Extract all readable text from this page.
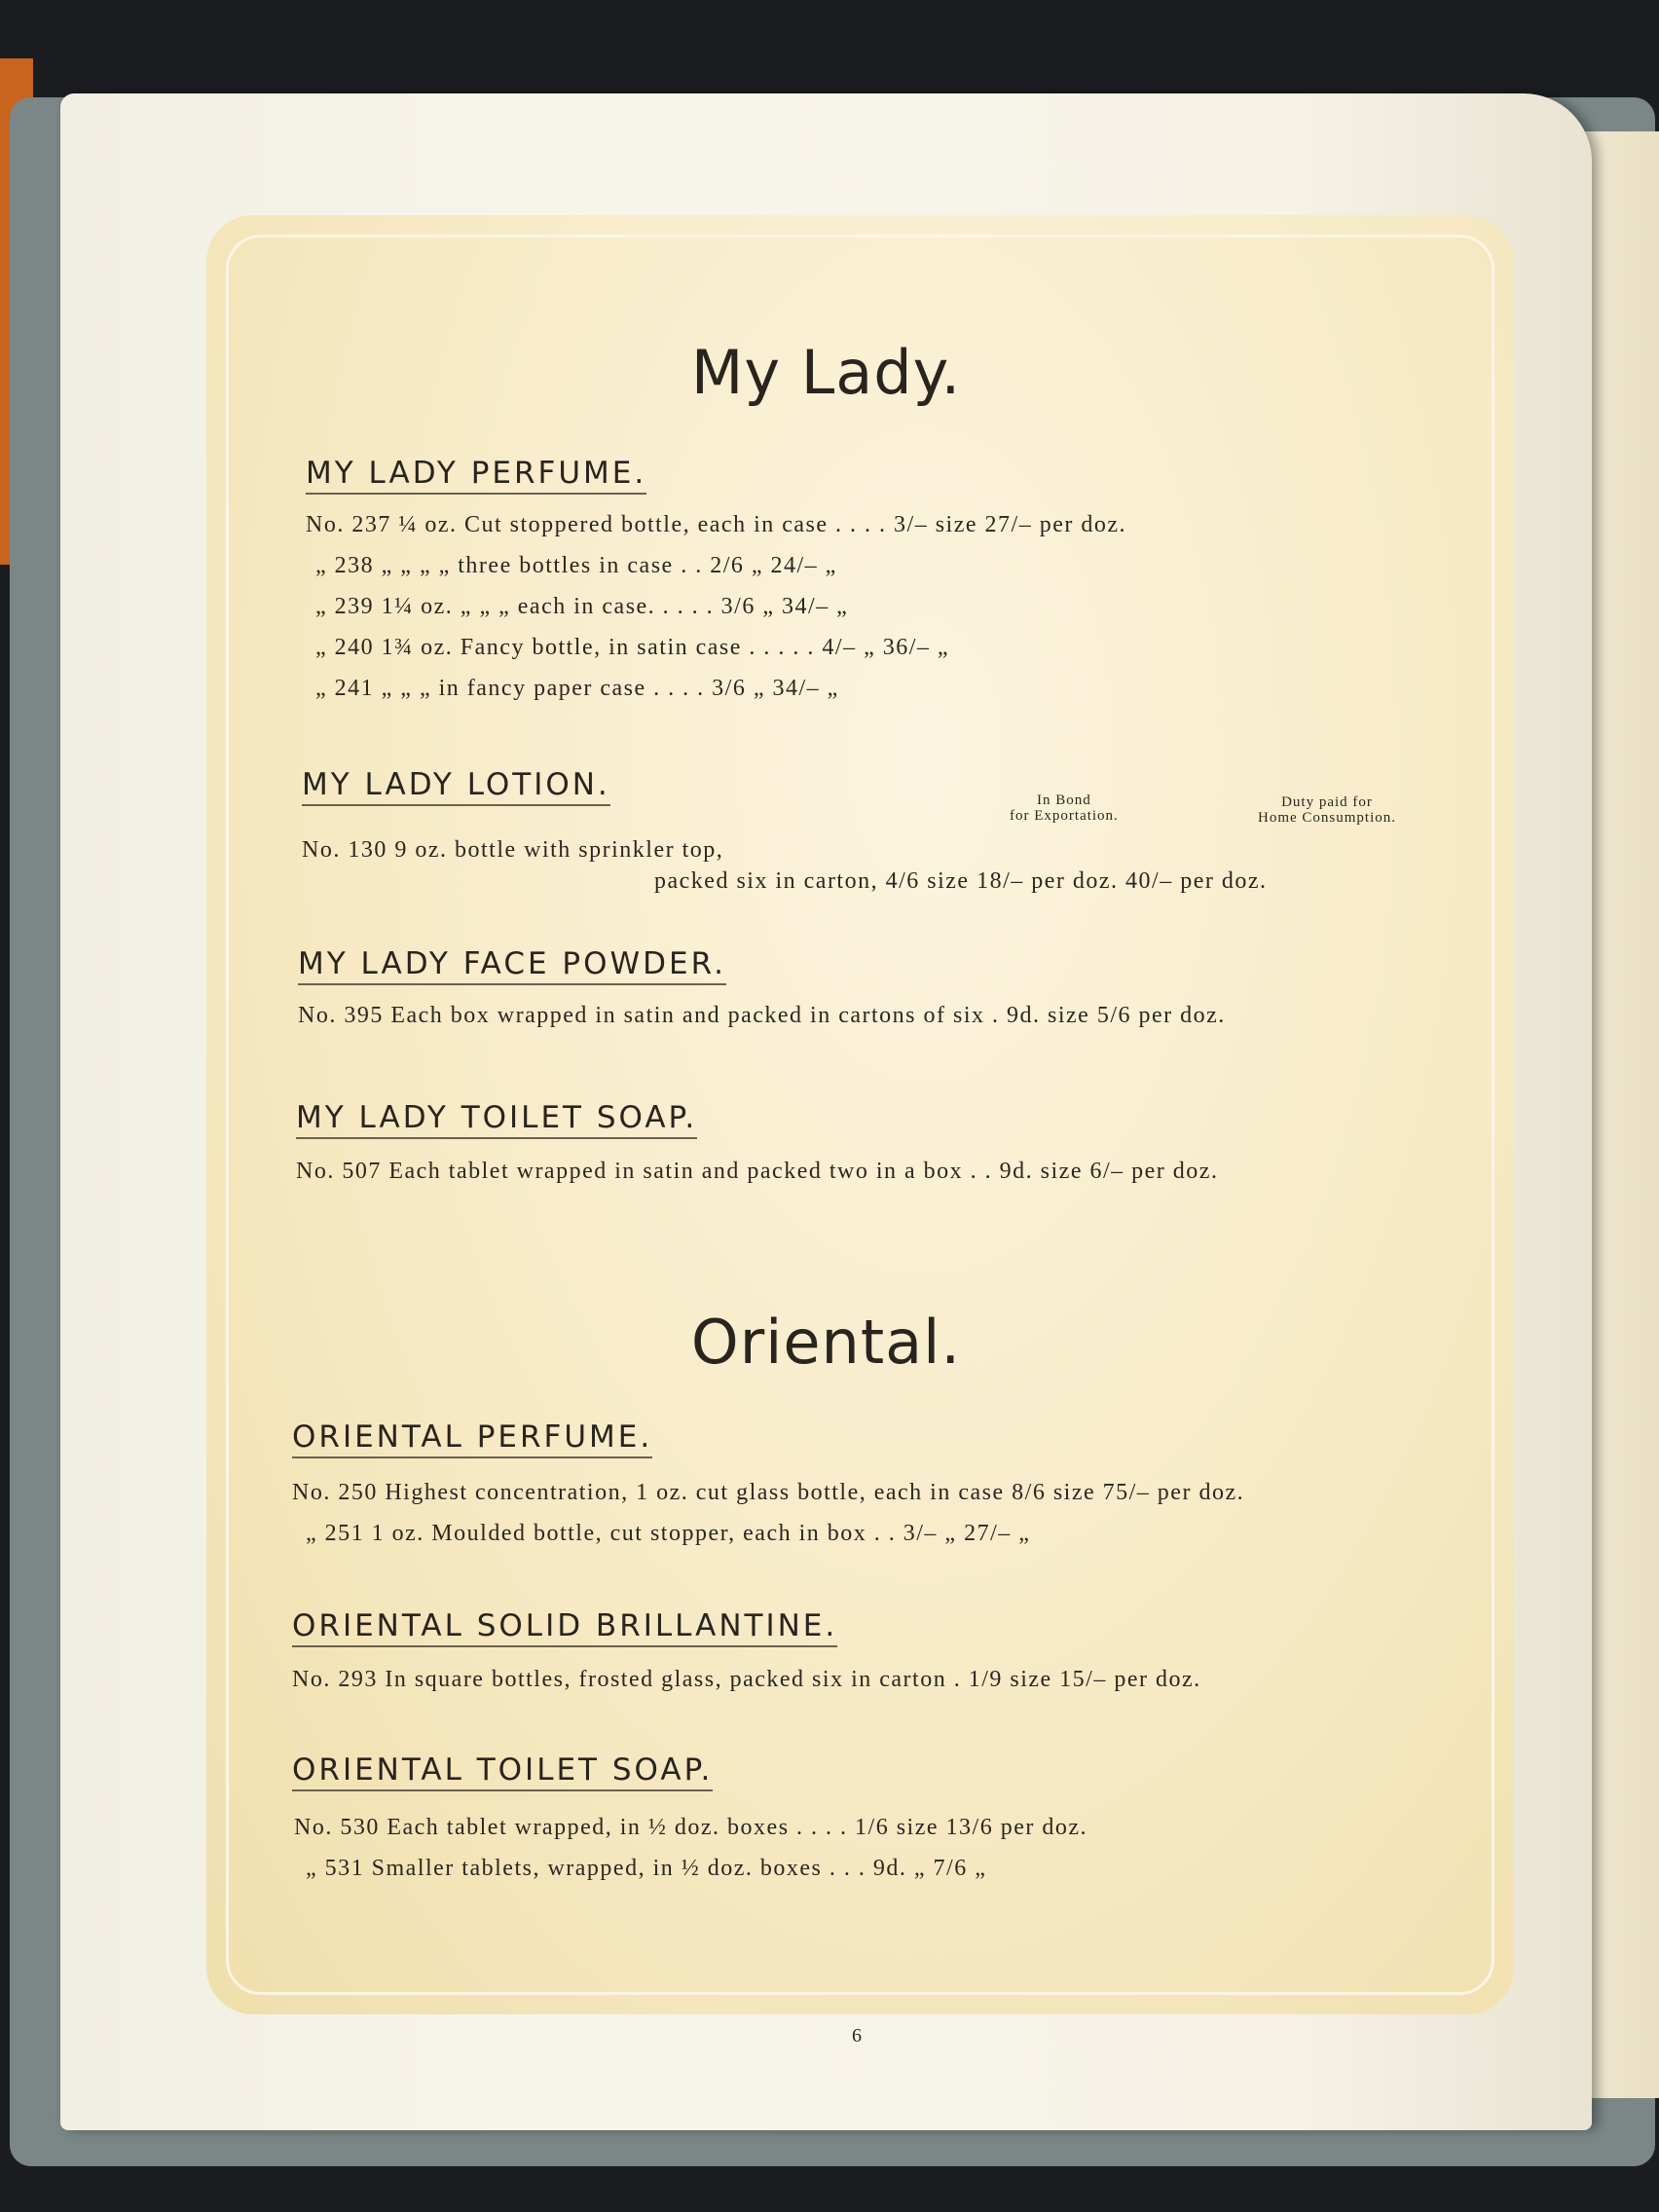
My Lady.
MY LADY PERFUME.
No. 237 ¼ oz. Cut stoppered bottle, each in case . . . . 3/– size 27/– per doz.
„ 238 „ „ „ „ three bottles in case . . 2/6 „ 24/– „
„ 239 1¼ oz. „ „ „ each in case. . . . . 3/6 „ 34/– „
„ 240 1¾ oz. Fancy bottle, in satin case . . . . . 4/– „ 36/– „
„ 241 „ „ „ in fancy paper case . . . . 3/6 „ 34/– „
MY LADY LOTION.	In Bond
for Exportation.
Duty paid for
Home Consumption.
No. 130 9 oz. bottle with sprinkler top,
packed six in carton, 4/6 size 18/– per doz. 40/– per doz.
MY LADY FACE POWDER.
No. 395 Each box wrapped in satin and packed in cartons of six . 9d. size 5/6 per doz.
MY LADY TOILET SOAP.
No. 507 Each tablet wrapped in satin and packed two in a box . . 9d. size 6/– per doz.
Oriental.
ORIENTAL PERFUME.
No. 250 Highest concentration, 1 oz. cut glass bottle, each in case 8/6 size 75/– per doz.
„ 251 1 oz. Moulded bottle, cut stopper, each in box . . 3/– „ 27/– „
ORIENTAL SOLID BRILLANTINE.
No. 293 In square bottles, frosted glass, packed six in carton . 1/9 size 15/– per doz.
ORIENTAL TOILET SOAP.
No. 530 Each tablet wrapped, in ½ doz. boxes . . . . 1/6 size 13/6 per doz.
„ 531 Smaller tablets, wrapped, in ½ doz. boxes . . . 9d. „ 7/6 „
6
